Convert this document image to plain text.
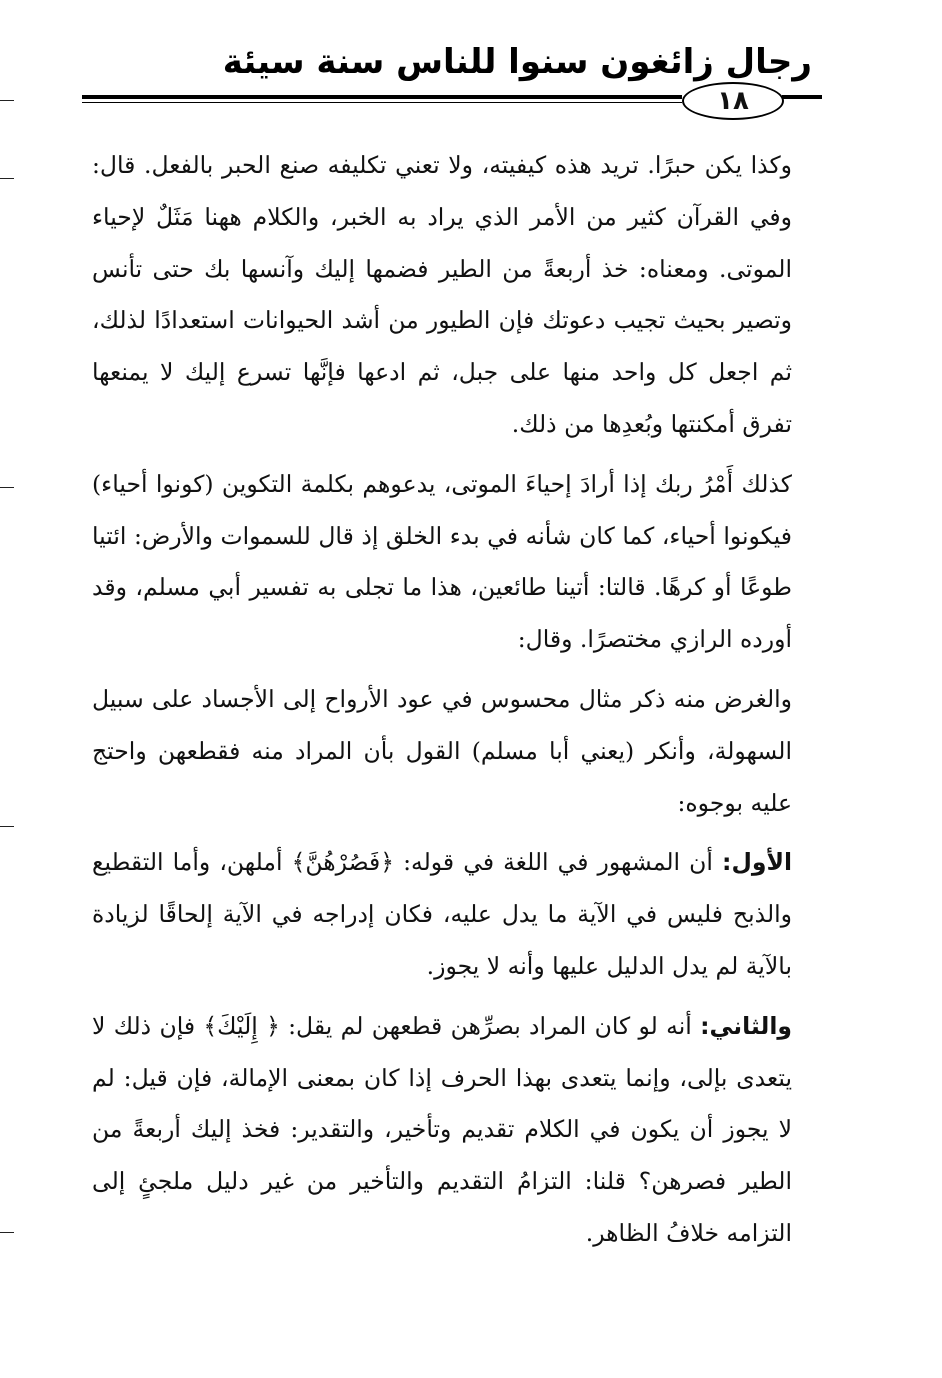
رجال زائغون سنوا للناس سنة سيئة
١٨

وكذا يكن حبرًا. تريد هذه كيفيته، ولا تعني تكليفه صنع الحبر بالفعل. قال: وفي القرآن كثير من الأمر الذي يراد به الخبر، والكلام ههنا مَثَلٌ لإحياء الموتى. ومعناه: خذ أربعةً من الطير فضمها إليك وآنسها بك حتى تأنس وتصير بحيث تجيب دعوتك فإن الطيور من أشد الحيوانات استعدادًا لذلك، ثم اجعل كل واحد منها على جبل، ثم ادعها فإنَّها تسرع إليك لا يمنعها تفرق أمكنتها وبُعدِها من ذلك.

كذلك أَمْرُ ربك إذا أرادَ إحياءَ الموتى، يدعوهم بكلمة التكوين (كونوا أحياء) فيكونوا أحياء، كما كان شأنه في بدء الخلق إذ قال للسموات والأرض: ائتيا طوعًا أو كرهًا. قالتا: أتينا طائعين، هذا ما تجلى به تفسير أبي مسلم، وقد أورده الرازي مختصرًا. وقال:

والغرض منه ذكر مثال محسوس في عود الأرواح إلى الأجساد على سبيل السهولة، وأنكر (يعني أبا مسلم) القول بأن المراد منه فقطعهن واحتج عليه بوجوه:

الأول: أن المشهور في اللغة في قوله: ﴿فَصُرْهُنَّ﴾ أملهن، وأما التقطيع والذبح فليس في الآية ما يدل عليه، فكان إدراجه في الآية إلحاقًا لزيادة بالآية لم يدل الدليل عليها وأنه لا يجوز.

والثاني: أنه لو كان المراد بصرِّهن قطعهن لم يقل: ﴿ إِلَيْكَ﴾ فإن ذلك لا يتعدى بإلى، وإنما يتعدى بهذا الحرف إذا كان بمعنى الإمالة، فإن قيل: لم لا يجوز أن يكون في الكلام تقديم وتأخير، والتقدير: فخذ إليك أربعةً من الطير فصرهن؟ قلنا: التزامُ التقديم والتأخير من غير دليل ملجئٍ إلى التزامه خلافُ الظاهر.
